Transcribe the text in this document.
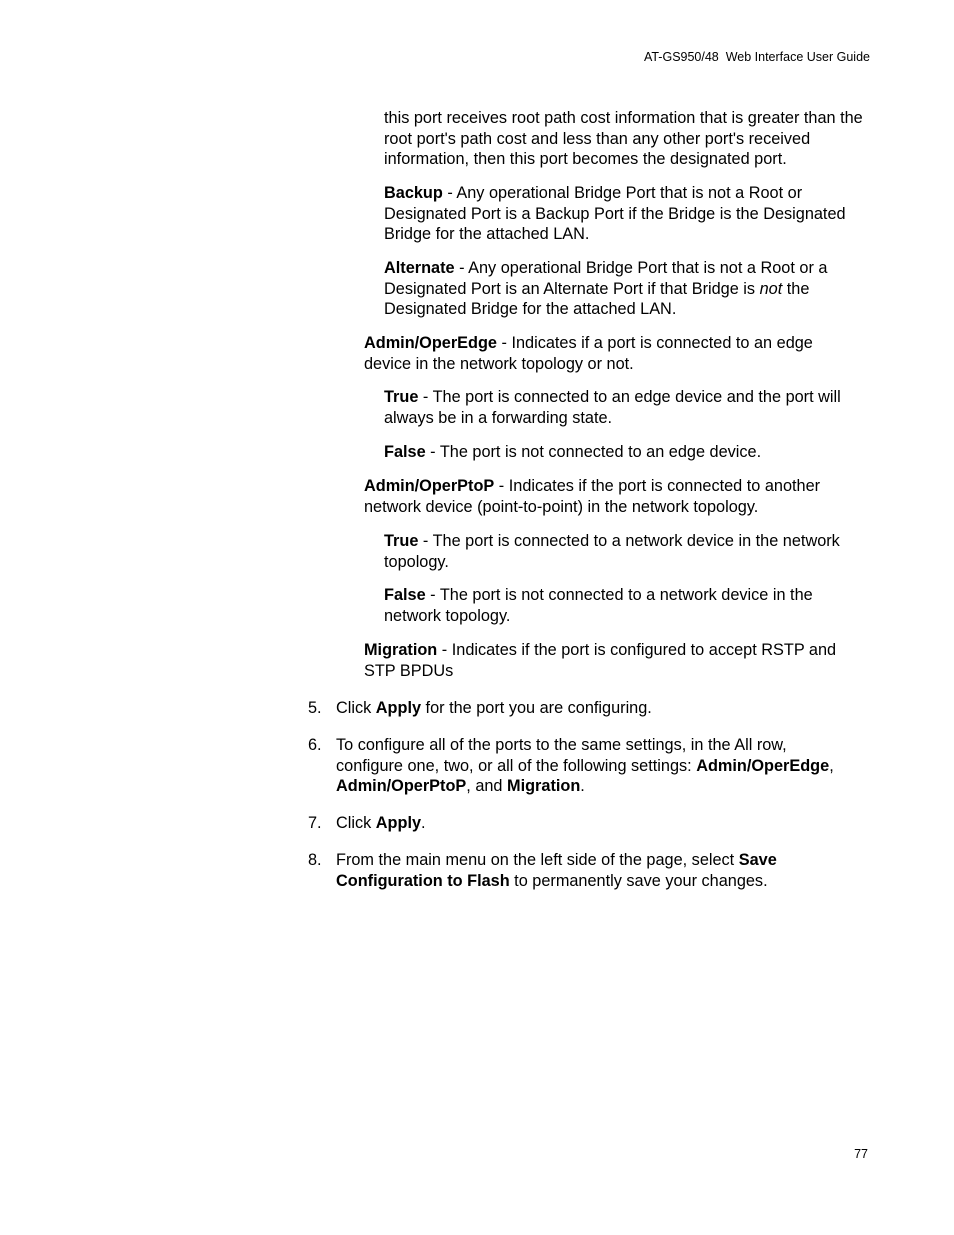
AT-GS950/48  Web Interface User Guide
this port receives root path cost information that is greater than the root port's path cost and less than any other port's received information, then this port becomes the designated port.
Backup - Any operational Bridge Port that is not a Root or Designated Port is a Backup Port if the Bridge is the Designated Bridge for the attached LAN.
Alternate - Any operational Bridge Port that is not a Root or a Designated Port is an Alternate Port if that Bridge is not the Designated Bridge for the attached LAN.
Admin/OperEdge - Indicates if a port is connected to an edge device in the network topology or not.
True - The port is connected to an edge device and the port will always be in a forwarding state.
False - The port is not connected to an edge device.
Admin/OperPtoP - Indicates if the port is connected to another network device (point-to-point) in the network topology.
True - The port is connected to a network device in the network topology.
False - The port is not connected to a network device in the network topology.
Migration - Indicates if the port is configured to accept RSTP and STP BPDUs
5. Click Apply for the port you are configuring.
6. To configure all of the ports to the same settings, in the All row, configure one, two, or all of the following settings: Admin/OperEdge, Admin/OperPtoP, and Migration.
7. Click Apply.
8. From the main menu on the left side of the page, select Save Configuration to Flash to permanently save your changes.
77
